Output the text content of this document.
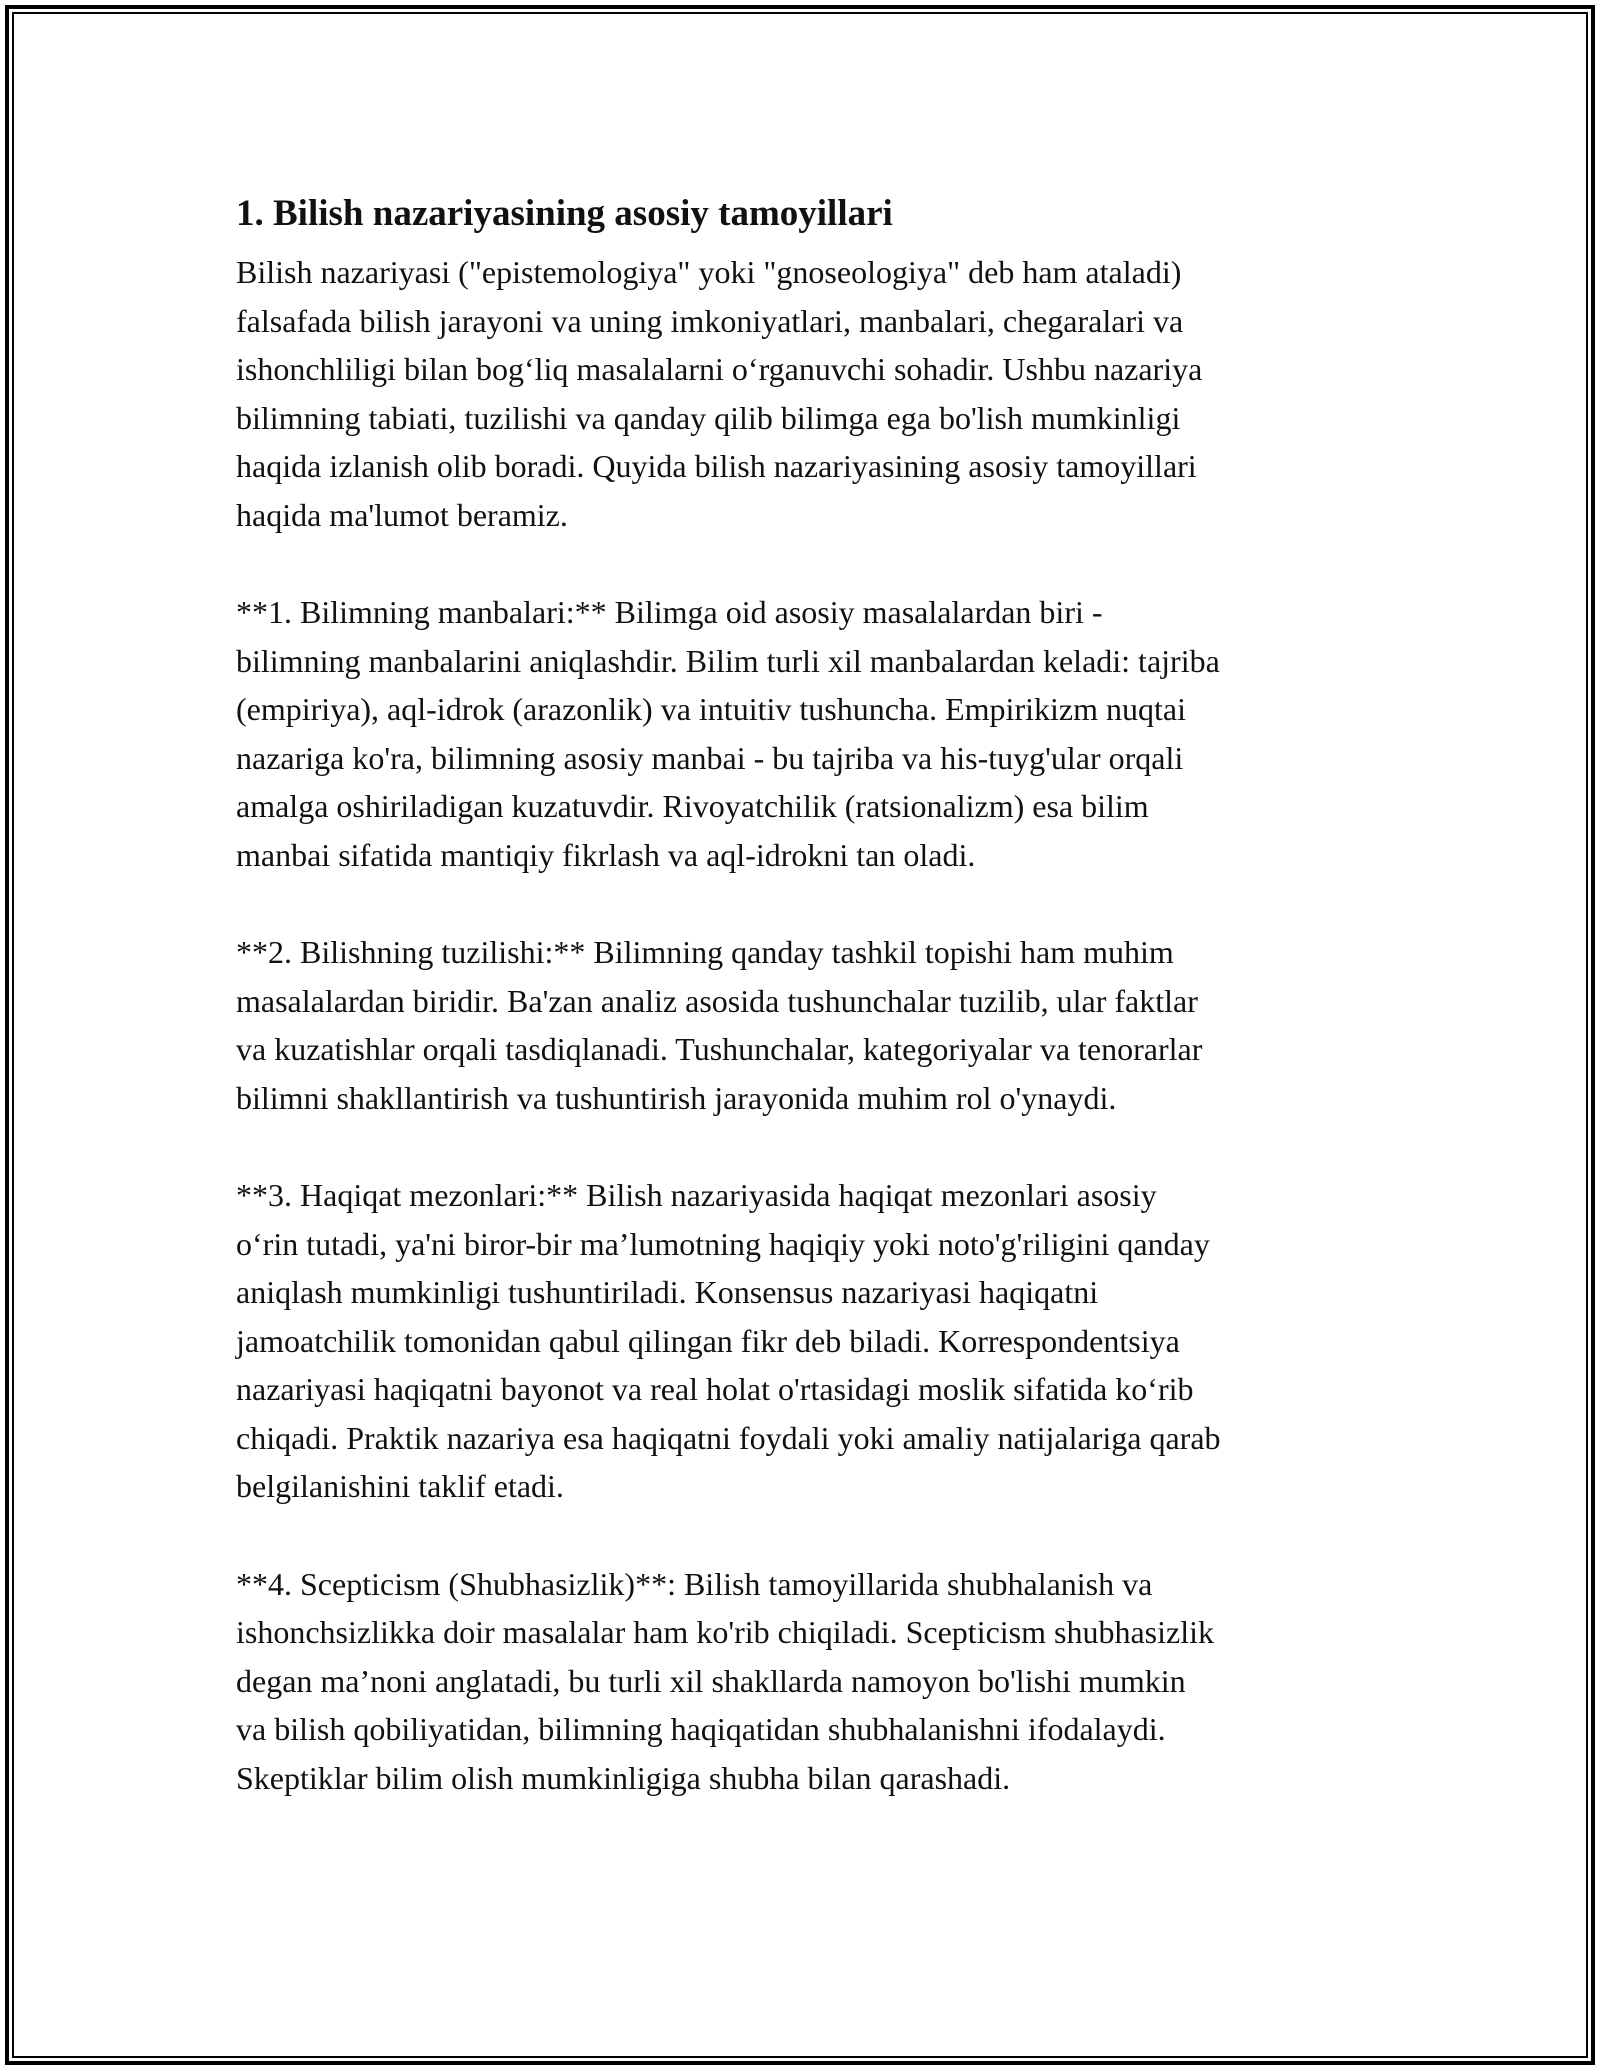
1. Bilish nazariyasining asosiy tamoyillari

Bilish nazariyasi ("epistemologiya" yoki "gnoseologiya" deb ham ataladi)
falsafada bilish jarayoni va uning imkoniyatlari, manbalari, chegaralari va
ishonchliligi bilan bog‘liq masalalarni o‘rganuvchi sohadir. Ushbu nazariya
bilimning tabiati, tuzilishi va qanday qilib bilimga ega bo'lish mumkinligi
haqida izlanish olib boradi. Quyida bilish nazariyasining asosiy tamoyillari
haqida ma'lumot beramiz.

**1. Bilimning manbalari:** Bilimga oid asosiy masalalardan biri -
bilimning manbalarini aniqlashdir. Bilim turli xil manbalardan keladi: tajriba
(empiriya), aql-idrok (arazonlik) va intuitiv tushuncha. Empirikizm nuqtai
nazariga ko'ra, bilimning asosiy manbai - bu tajriba va his-tuyg'ular orqali
amalga oshiriladigan kuzatuvdir. Rivoyatchilik (ratsionalizm) esa bilim
manbai sifatida mantiqiy fikrlash va aql-idrokni tan oladi.

**2. Bilishning tuzilishi:** Bilimning qanday tashkil topishi ham muhim
masalalardan biridir. Ba'zan analiz asosida tushunchalar tuzilib, ular faktlar
va kuzatishlar orqali tasdiqlanadi. Tushunchalar, kategoriyalar va tenorarlar
bilimni shakllantirish va tushuntirish jarayonida muhim rol o'ynaydi.

**3. Haqiqat mezonlari:** Bilish nazariyasida haqiqat mezonlari asosiy
o‘rin tutadi, ya'ni biror-bir ma’lumotning haqiqiy yoki noto'g'riligini qanday
aniqlash mumkinligi tushuntiriladi. Konsensus nazariyasi haqiqatni
jamoatchilik tomonidan qabul qilingan fikr deb biladi. Korrespondentsiya
nazariyasi haqiqatni bayonot va real holat o'rtasidagi moslik sifatida ko‘rib
chiqadi. Praktik nazariya esa haqiqatni foydali yoki amaliy natijalariga qarab
belgilanishini taklif etadi.

**4. Scepticism (Shubhasizlik)**: Bilish tamoyillarida shubhalanish va
ishonchsizlikka doir masalalar ham ko'rib chiqiladi. Scepticism shubhasizlik
degan ma’noni anglatadi, bu turli xil shakllarda namoyon bo'lishi mumkin
va bilish qobiliyatidan, bilimning haqiqatidan shubhalanishni ifodalaydi.
Skeptiklar bilim olish mumkinligiga shubha bilan qarashadi.
